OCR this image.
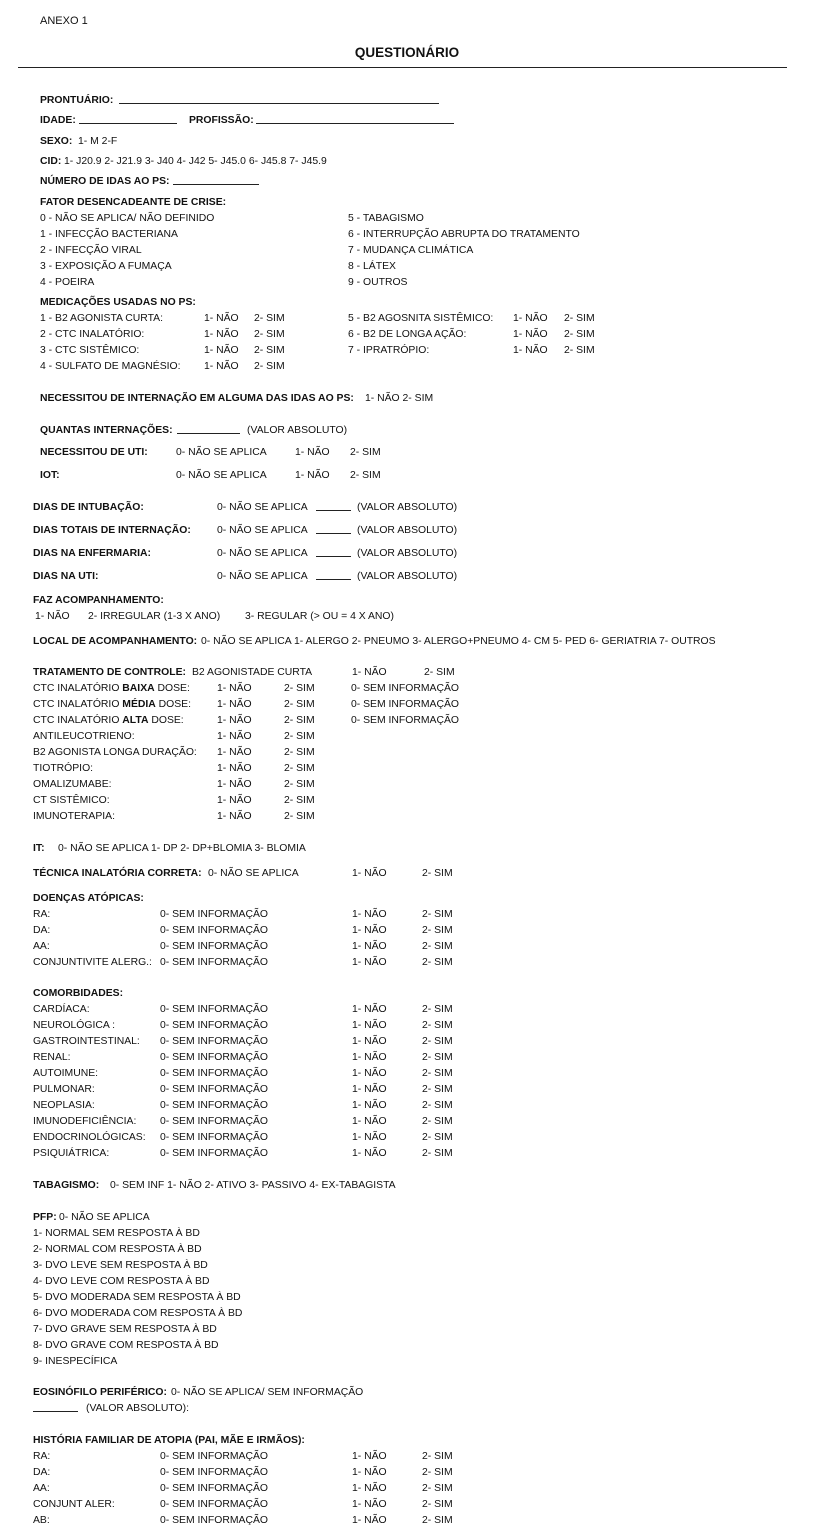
ANEXO 1
QUESTIONÁRIO
PRONTUÁRIO:
IDADE:	PROFISSÃO:
SEXO: 1- M 2-F
CID: 1- J20.9 2- J21.9 3- J40 4- J42 5- J45.0 6- J45.8 7- J45.9
NÚMERO DE IDAS AO PS:
FATOR DESENCADEANTE DE CRISE:
0 - NÃO SE APLICA/ NÃO DEFINIDO
1 - INFECÇÃO BACTERIANA
2 - INFECÇÃO VIRAL
3 - EXPOSIÇÃO A FUMAÇA
4 - POEIRA
5 - TABAGISMO
6 - INTERRUPÇÃO ABRUPTA DO TRATAMENTO
7 - MUDANÇA CLIMÁTICA
8 - LÁTEX
9 - OUTROS
MEDICAÇÕES USADAS NO PS:
1 - B2 AGONISTA CURTA:	1- NÃO 2- SIM
2 - CTC INALATÓRIO:	1- NÃO 2- SIM
3 - CTC SISTÊMICO:	1- NÃO 2- SIM
4 - SULFATO DE MAGNÉSIO: 1- NÃO 2- SIM
5 - B2 AGOSNITA SISTÊMICO: 1- NÃO 2- SIM
6 - B2 DE LONGA AÇÃO:	1- NÃO 2- SIM
7 - IPRATRÓPIO:	1- NÃO 2- SIM
NECESSITOU DE INTERNAÇÃO EM ALGUMA DAS IDAS AO PS: 1- NÃO 2- SIM
QUANTAS INTERNAÇÕES:	(VALOR ABSOLUTO)
NECESSITOU DE UTI:	0- NÃO SE APLICA	1- NÃO 2- SIM
IOT:	0- NÃO SE APLICA	1- NÃO 2- SIM
DIAS DE INTUBAÇÃO:	0- NÃO SE APLICA	(VALOR ABSOLUTO)
DIAS TOTAIS DE INTERNAÇÃO:	0- NÃO SE APLICA	(VALOR ABSOLUTO)
DIAS NA ENFERMARIA:	0- NÃO SE APLICA	(VALOR ABSOLUTO)
DIAS NA UTI:	0- NÃO SE APLICA	(VALOR ABSOLUTO)
FAZ ACOMPANHAMENTO:
1- NÃO 2- IRREGULAR (1-3 X ANO) 3- REGULAR (> OU = 4 X ANO)
LOCAL DE ACOMPANHAMENTO: 0- NÃO SE APLICA 1- ALERGO 2- PNEUMO 3- ALERGO+PNEUMO 4- CM 5- PED 6- GERIATRIA 7- OUTROS
TRATAMENTO DE CONTROLE: B2 AGONISTADE CURTA	1- NÃO	2- SIM
CTC INALATÓRIO BAIXA DOSE:	1- NÃO	2- SIM	0- SEM INFORMAÇÃO
CTC INALATÓRIO MÉDIA DOSE: 1- NÃO	2- SIM	0- SEM INFORMAÇÃO
CTC INALATÓRIO ALTA DOSE:	1- NÃO	2- SIM	0- SEM INFORMAÇÃO
ANTILEUCOTRIENO:	1- NÃO	2- SIM
B2 AGONISTA LONGA DURAÇÃO: 1- NÃO	2- SIM
TIOTRÓPIO:	1- NÃO	2- SIM
OMALIZUMABE:	1- NÃO	2- SIM
CT SISTÊMICO:	1- NÃO	2- SIM
IMUNOTERAPIA:	1- NÃO	2- SIM
IT: 0- NÃO SE APLICA 1- DP 2- DP+BLOMIA 3- BLOMIA
TÉCNICA INALATÓRIA CORRETA: 0- NÃO SE APLICA	1- NÃO	2- SIM
DOENÇAS ATÓPICAS:
RA:	0- SEM INFORMAÇÃO	1- NÃO	2- SIM
DA:	0- SEM INFORMAÇÃO	1- NÃO	2- SIM
AA:	0- SEM INFORMAÇÃO	1- NÃO	2- SIM
CONJUNTIVITE ALERG.: 0- SEM INFORMAÇÃO	1- NÃO	2- SIM
COMORBIDADES:
CARDÍACA:	0- SEM INFORMAÇÃO	1- NÃO	2- SIM
NEUROLÓGICA :	0- SEM INFORMAÇÃO	1- NÃO	2- SIM
GASTROINTESTINAL: 0- SEM INFORMAÇÃO	1- NÃO	2- SIM
RENAL:	0- SEM INFORMAÇÃO	1- NÃO	2- SIM
AUTOIMUNE:	0- SEM INFORMAÇÃO	1- NÃO	2- SIM
PULMONAR:	0- SEM INFORMAÇÃO	1- NÃO	2- SIM
NEOPLASIA:	0- SEM INFORMAÇÃO	1- NÃO	2- SIM
IMUNODEFICIÊNCIA: 0- SEM INFORMAÇÃO	1- NÃO	2- SIM
ENDOCRINOLÓGICAS: 0- SEM INFORMAÇÃO	1- NÃO	2- SIM
PSIQUIÁTRICA:	0- SEM INFORMAÇÃO	1- NÃO	2- SIM
TABAGISMO: 0- SEM INF 1- NÃO 2- ATIVO 3- PASSIVO 4- EX-TABAGISTA
PFP: 0- NÃO SE APLICA
1- NORMAL SEM RESPOSTA À BD
2- NORMAL COM RESPOSTA À BD
3- DVO LEVE SEM RESPOSTA À BD
4- DVO LEVE COM RESPOSTA À BD
5- DVO MODERADA SEM RESPOSTA À BD
6- DVO MODERADA COM RESPOSTA À BD
7- DVO GRAVE SEM RESPOSTA À BD
8- DVO GRAVE COM RESPOSTA À BD
9- INESPECÍFICA
EOSINÓFILO PERIFÉRICO: 0- NÃO SE APLICA/ SEM INFORMAÇÃO
(VALOR ABSOLUTO):
HISTÓRIA FAMILIAR DE ATOPIA (PAI, MÃE E IRMÃOS):
RA:	0- SEM INFORMAÇÃO	1- NÃO	2- SIM
DA:	0- SEM INFORMAÇÃO	1- NÃO	2- SIM
AA:	0- SEM INFORMAÇÃO	1- NÃO	2- SIM
CONJUNT ALER:	0- SEM INFORMAÇÃO	1- NÃO	2- SIM
AB:	0- SEM INFORMAÇÃO	1- NÃO	2- SIM
